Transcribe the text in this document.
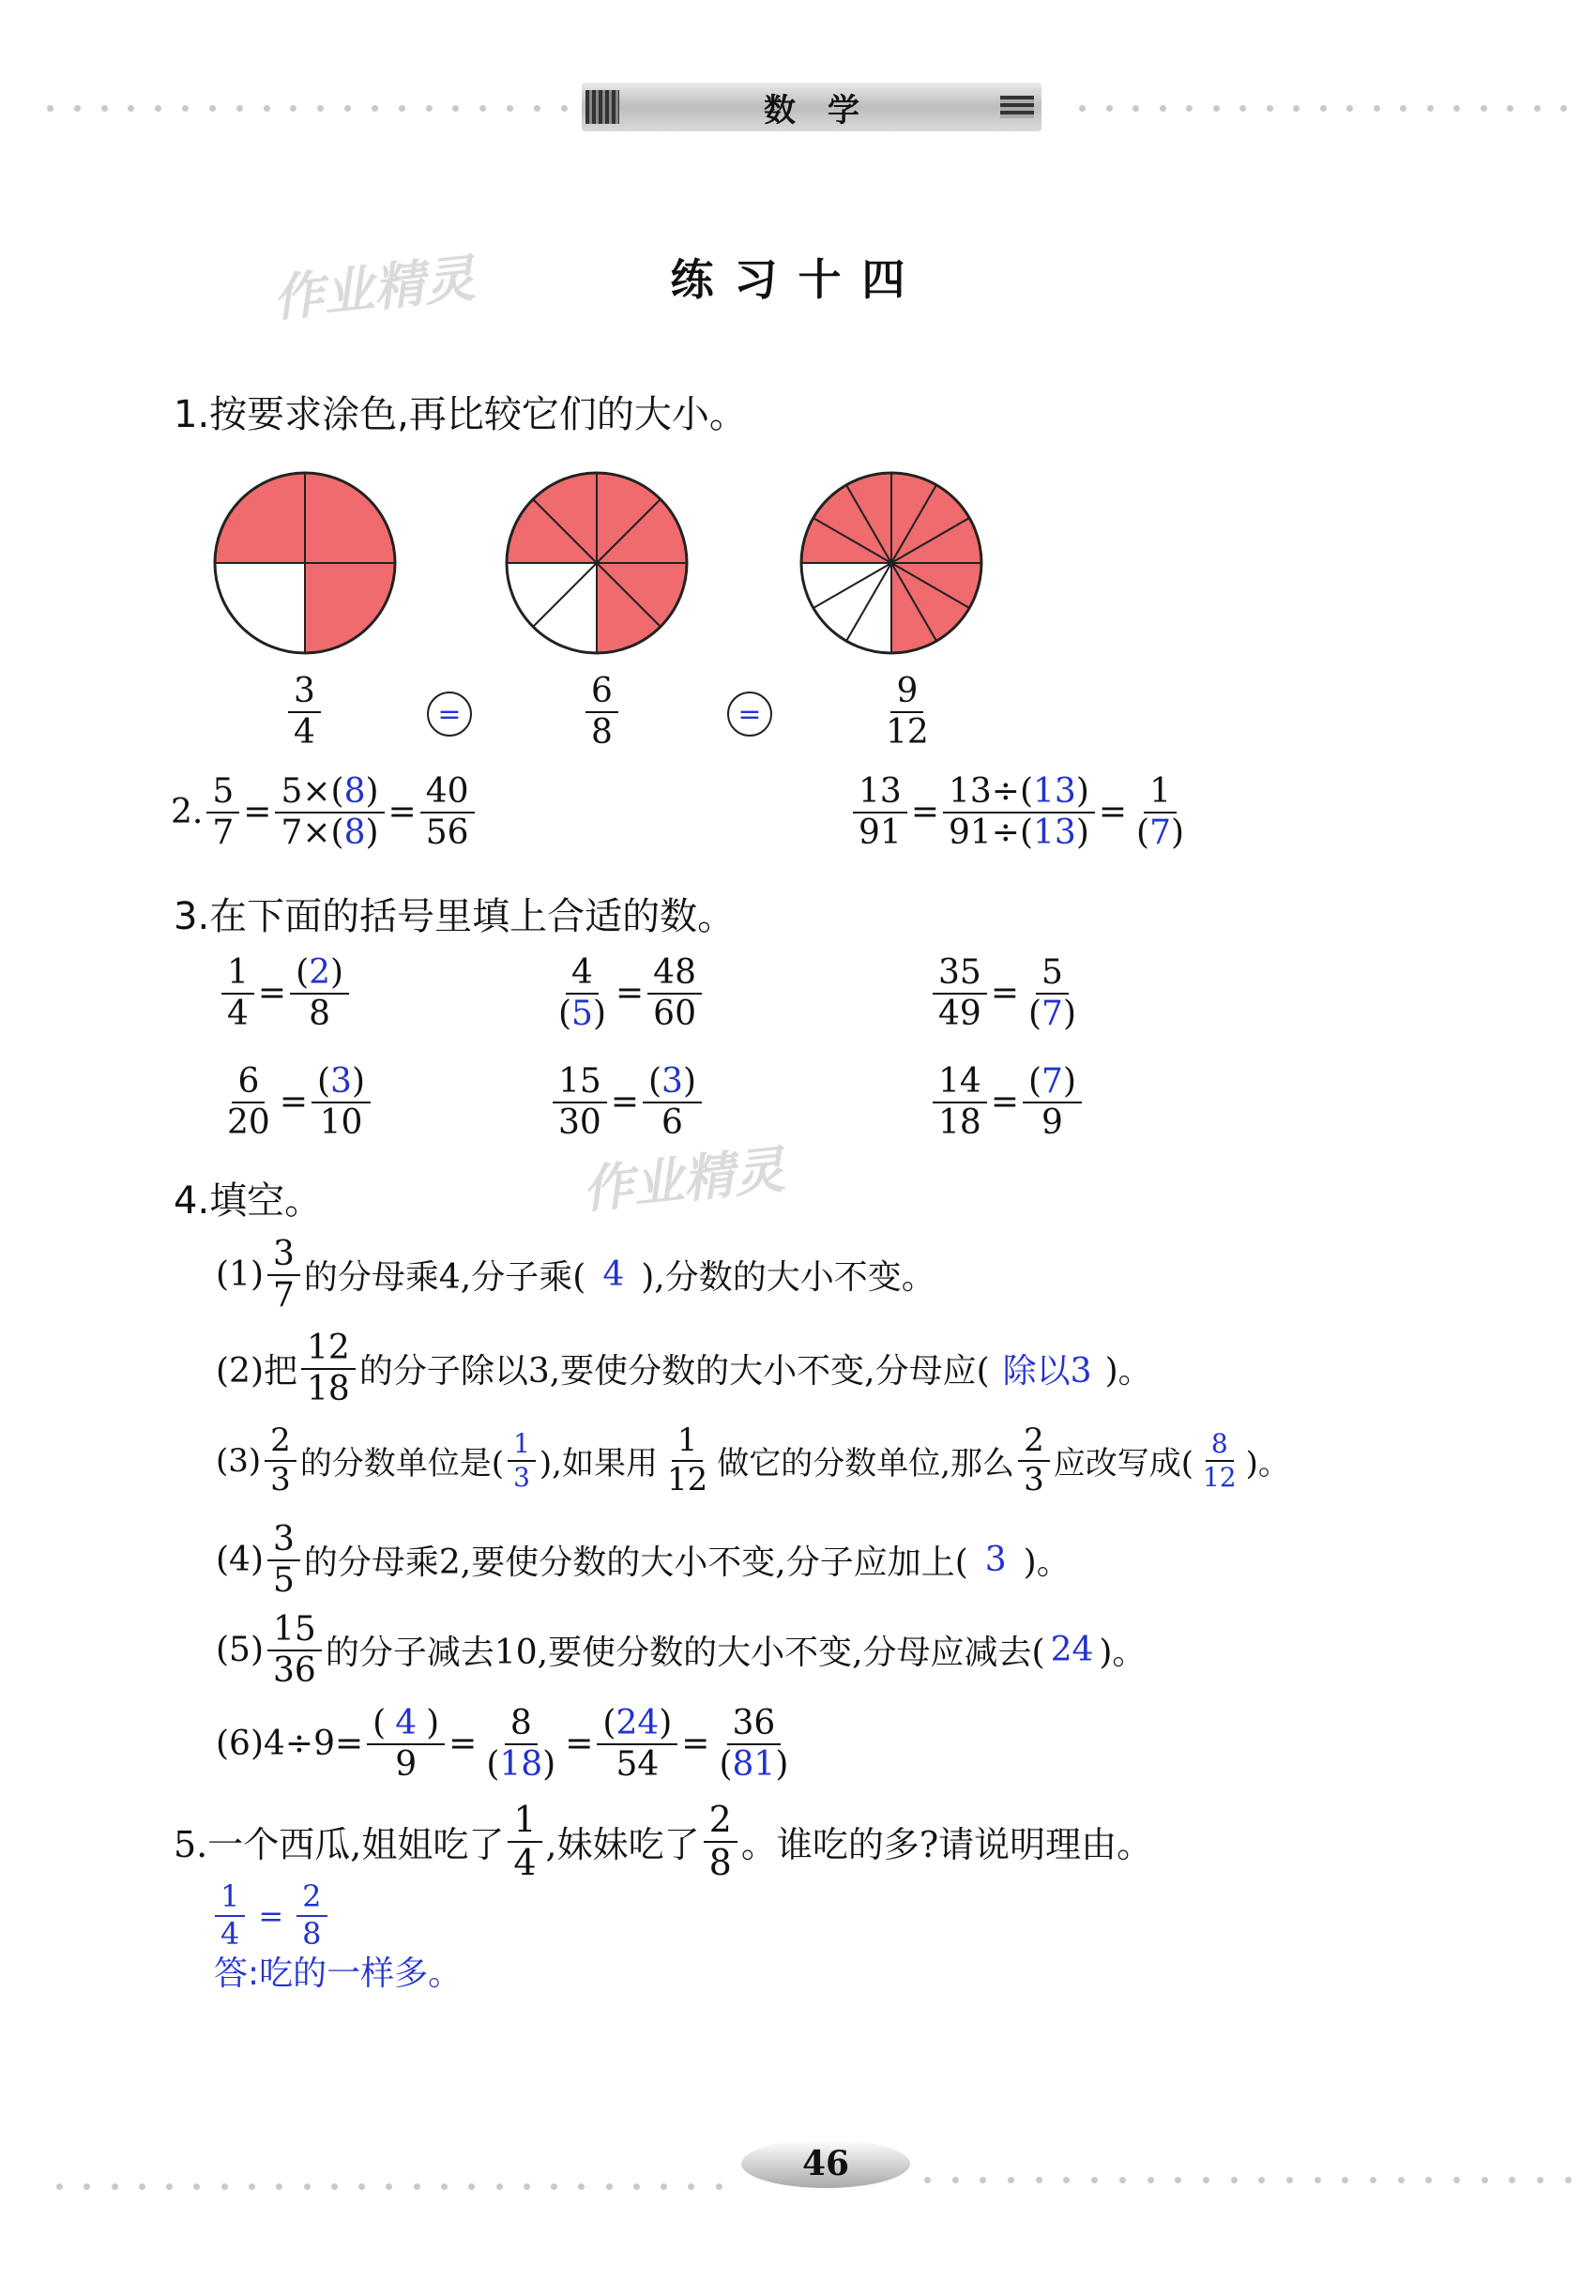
数学
作业精灵	练习十四
作业精灵
1.按要求涂色,再比较它们的大小。
$\frac{3}{4}$	=	$\frac{6}{8}$	=	$\frac{9}{12}$
2. $\frac{5}{7} = \frac{5\times(8)}{7\times(8)} = \frac{40}{56}$	$\frac{13}{91} = \frac{13\div(13)}{91\div(13)} = \frac{1}{(7)}$
3.在下面的括号里填上合适的数。
$\frac{1}{4} = \frac{(2)}{8}$	$\frac{4}{(5)} = \frac{48}{60}$	$\frac{35}{49} = \frac{5}{(7)}$
$\frac{6}{20} = \frac{(3)}{10}$	$\frac{15}{30} = \frac{(3)}{6}$	$\frac{14}{18} = \frac{(7)}{9}$
4.填空。
$(1) \frac{3}{7}$ 的分母乘4,分子乘( 4 ),分数的大小不变。
(2)把 $\frac{12}{18}$ 的分子除以3,要使分数的大小不变,分母应( 除以3 )。
$(3) \frac{2}{3}$ 的分数单位是( $\frac{1}{3}$ ),如果用 $\frac{1}{12}$ 做它的分数单位,那么 $\frac{2}{3}$ 应改写成( $\frac{8}{12}$ )。
$(4) \frac{3}{5}$ 的分母乘2,要使分数的大小不变,分子应加上( 3 )。
$(5) \frac{15}{36}$ 的分子减去10,要使分数的大小不变,分母应减去( 24 )。
$(6)4\div 9= \frac{( 4 )}{9} = \frac{8}{(18)} = \frac{(24)}{54} = \frac{36}{(81)}$
5.一个西瓜,姐姐吃了 $\frac{1}{4}$ ,妹妹吃了 $\frac{2}{8}$ 。谁吃的多?请说明理由。
$\frac{1}{4} = \frac{2}{8}$
答:吃的一样多。
46
